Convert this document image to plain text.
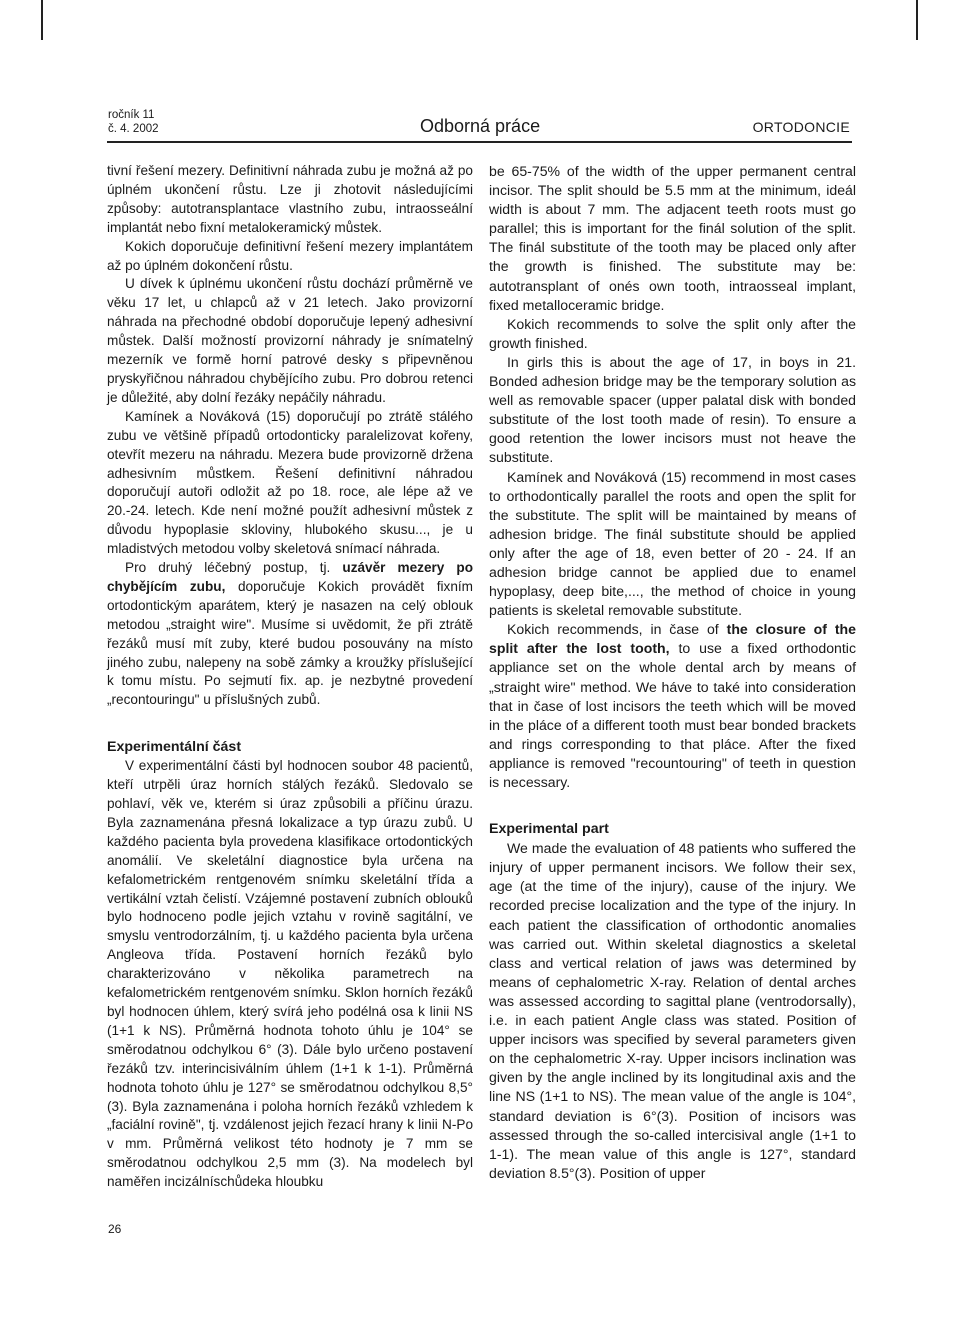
ročník 11
č. 4. 2002	Odborná práce	ORTODONCIE

tivní řešení mezery. Definitivní náhrada zubu je možná až po úplném ukončení růstu. Lze ji zhotovit následujícími způsoby: autotransplantace vlastního zubu, intraosseální implantát nebo fixní metalokeramický můstek.

Kokich doporučuje definitivní řešení mezery implantátem až po úplném dokončení růstu.

U dívek k úplnému ukončení růstu dochází průměrně ve věku 17 let, u chlapců až v 21 letech. Jako provizorní náhrada na přechodné období doporučuje lepený adhesivní můstek. Další možností provizorní náhrady je snímatelný mezerník ve formě horní patrové desky s připevněnou pryskyřičnou náhradou chybějícího zubu. Pro dobrou retenci je důležité, aby dolní řezáky nepáčily náhradu.

Kamínek a Nováková (15) doporučují po ztrátě stálého zubu ve většině případů ortodonticky paralelizovat kořeny, otevřít mezeru na náhradu. Mezera bude provizorně držena adhesivním můstkem. Řešení definitivní náhradou doporučují autoři odložit až po 18. roce, ale lépe až ve 20.-24. letech. Kde není možné použít adhesivní můstek z důvodu hypoplasie skloviny, hlubokého skusu..., je u mladistvých metodou volby skeletová snímací náhrada.

Pro druhý léčebný postup, tj. uzávěr mezery po chybějícím zubu, doporučuje Kokich provádět fixním ortodontickým aparátem, který je nasazen na celý oblouk metodou „straight wire". Musíme si uvědomit, že při ztrátě řezáků musí mít zuby, které budou posouvány na místo jiného zubu, nalepeny na sobě zámky a kroužky příslušející k tomu místu. Po sejmutí fix. ap. je nezbytné provedení „recontouringu" u příslušných zubů.

Experimentální část

V experimentální části byl hodnocen soubor 48 pacientů, kteří utrpěli úraz horních stálých řezáků. Sledovalo se pohlaví, věk ve, kterém si úraz způsobili a příčinu úrazu. Byla zaznamenána přesná lokalizace a typ úrazu zubů. U každého pacienta byla provedena klasifikace ortodontických anomálií. Ve skeletální diagnostice byla určena na kefalometrickém rentgenovém snímku skeletální třída a vertikální vztah čelistí. Vzájemné postavení zubních oblouků bylo hodnoceno podle jejich vztahu v rovině sagitální, ve smyslu ventrodorzálním, tj. u každého pacienta byla určena Angleova třída. Postavení horních řezáků bylo charakterizováno v několika parametrech na kefalometrickém rentgenovém snímku. Sklon horních řezáků byl hodnocen úhlem, který svírá jeho podélná osa k linii NS (1+1 k NS). Průměrná hodnota tohoto úhlu je 104° se směrodatnou odchylkou 6° (3). Dále bylo určeno postavení řezáků tzv. interincisiválním úhlem (1+1 k 1-1). Průměrná hodnota tohoto úhlu je 127° se směrodatnou odchylkou 8,5°(3). Byla zaznamenána i poloha horních řezáků vzhledem k „faciální rovině", tj. vzdálenost jejich řezací hrany k linii N-Po v mm. Průměrná velikost této hodnoty je 7 mm se směrodatnou odchylkou 2,5 mm (3). Na modelech byl naměřen incizálníschůdeka hloubku

be 65-75% of the width of the upper permanent central incisor. The split should be 5.5 mm at the minimum, ideál width is about 7 mm. The adjacent teeth roots must go parallel; this is important for the finál solution of the split. The finál substitute of the tooth may be placed only after the growth is finished. The substitute may be: autotransplant of onés own tooth, intraosseal implant, fixed metalloceramic bridge.

Kokich recommends to solve the split only after the growth finished.

In girls this is about the age of 17, in boys in 21. Bonded adhesion bridge may be the temporary solution as well as removable spacer (upper palatal disk with bonded substitute of the lost tooth made of resin). To ensure a good retention the lower incisors must not heave the substitute.

Kamínek and Nováková (15) recommend in most cases to orthodontically parallel the roots and open the split for the substitute. The split will be maintained by means of adhesion bridge. The finál substitute should be applied only after the age of 18, even better of 20 - 24. If an adhesion bridge cannot be applied due to enamel hypoplasy, deep bite,..., the method of choice in young patients is skeletal removable substitute.

Kokich recommends, in čase of the closure of the split after the lost tooth, to use a fixed orthodontic appliance set on the whole dental arch by means of „straight wire" method. We háve to také into consideration that in čase of lost incisors the teeth which will be moved in the pláce of a different tooth must bear bonded brackets and rings corresponding to that pláce. After the fixed appliance is removed "recountouring" of teeth in question is necessary.

Experimental part

We made the evaluation of 48 patients who suffered the injury of upper permanent incisors. We follow their sex, age (at the time of the injury), cause of the injury. We recorded precise localization and the type of the injury. In each patient the classification of orthodontic anomalies was carried out. Within skeletal diagnostics a skeletal class and vertical relation of jaws was determined by means of cephalometric X-ray. Relation of dental arches was assessed according to sagittal plane (ventrodorsally), i.e. in each patient Angle class was stated. Position of upper incisors was specified by several parameters given on the cephalometric X-ray. Upper incisors inclination was given by the angle inclined by its longitudinal axis and the line NS (1+1 to NS). The mean value of the angle is 104°, standard deviation is 6°(3). Position of incisors was assessed through the so-called intercisival angle (1+1 to 1-1). The mean value of this angle is 127°, standard deviation 8.5°(3). Position of upper

26
